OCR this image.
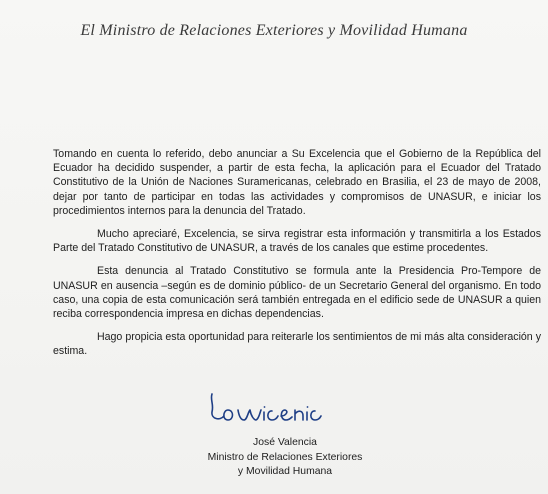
El Ministro de Relaciones Exteriores y Movilidad Humana

Tomando en cuenta lo referido, debo anunciar a Su Excelencia que el Gobierno de la República del Ecuador ha decidido suspender, a partir de esta fecha, la aplicación para el Ecuador del Tratado Constitutivo de la Unión de Naciones Suramericanas, celebrado en Brasilia, el 23 de mayo de 2008, dejar por tanto de participar en todas las actividades y compromisos de UNASUR, e iniciar los procedimientos internos para la denuncia del Tratado.

Mucho apreciaré, Excelencia, se sirva registrar esta información y transmitirla a los Estados Parte del Tratado Constitutivo de UNASUR, a través de los canales que estime procedentes.

Esta denuncia al Tratado Constitutivo se formula ante la Presidencia Pro-Tempore de UNASUR en ausencia –según es de dominio público- de un Secretario General del organismo. En todo caso, una copia de esta comunicación será también entregada en el edificio sede de UNASUR a quien reciba correspondencia impresa en dichas dependencias.

Hago propicia esta oportunidad para reiterarle los sentimientos de mi más alta consideración y estima.

José Valencia
Ministro de Relaciones Exteriores
y Movilidad Humana
